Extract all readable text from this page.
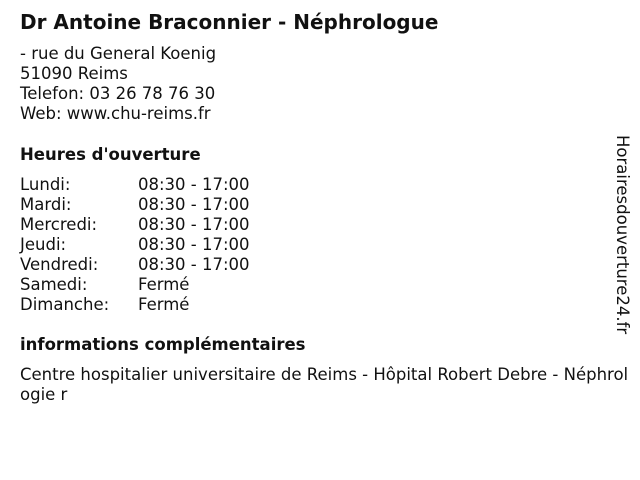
Dr Antoine Braconnier - Néphrologue
- rue du General Koenig
51090 Reims
Telefon: 03 26 78 76 30
Web: www.chu-reims.fr
Heures d'ouverture
Lundi:	08:30 - 17:00
Mardi:	08:30 - 17:00
Mercredi:	08:30 - 17:00
Jeudi:	08:30 - 17:00
Vendredi:	08:30 - 17:00
Samedi:	Fermé
Dimanche:	Fermé
informations complémentaires
Centre hospitalier universitaire de Reims - Hôpital Robert Debre - Néphrologie r
Horairesdouverture24.fr
